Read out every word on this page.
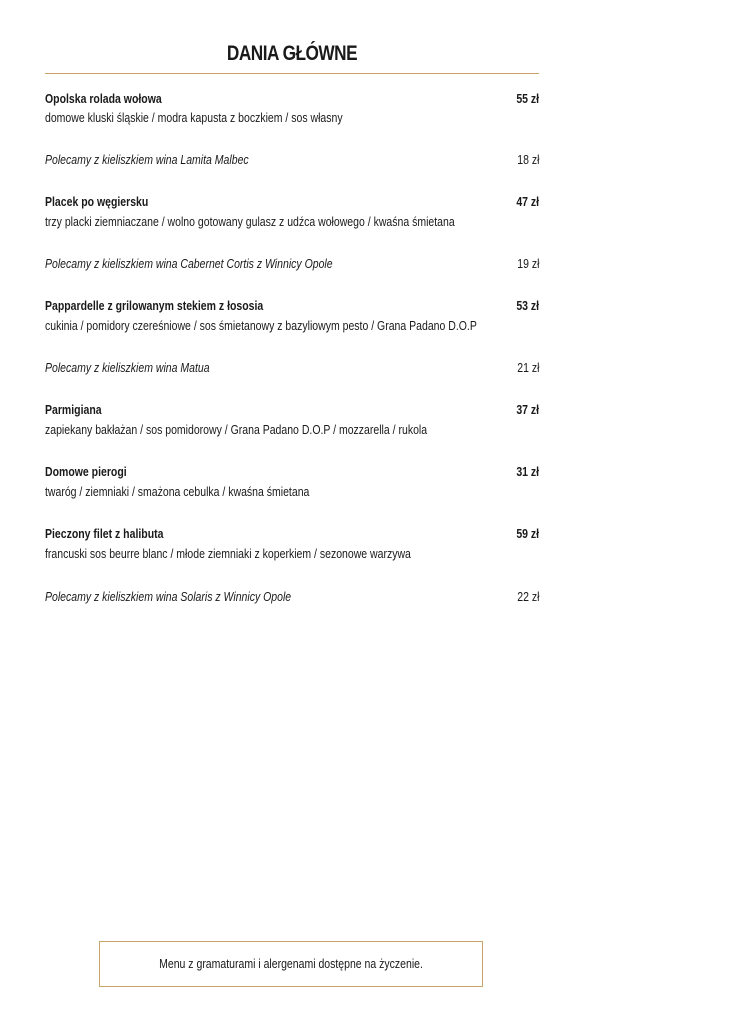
DANIA GŁÓWNE
Opolska rolada wołowa	55 zł
domowe kluski śląskie / modra kapusta z boczkiem / sos własny
Polecamy z kieliszkiem wina Lamita Malbec	18 zł
Placek po węgiersku	47 zł
trzy placki ziemniaczane / wolno gotowany gulasz z udźca wołowego / kwaśna śmietana
Polecamy z kieliszkiem wina Cabernet Cortis z Winnicy Opole	19 zł
Pappardelle z grilowanym stekiem z łososia	53 zł
cukinia / pomidory czereśniowe / sos śmietanowy z bazyliowym pesto / Grana Padano D.O.P
Polecamy z kieliszkiem wina Matua	21 zł
Parmigiana	37 zł
zapiekany bakłażan / sos pomidorowy / Grana Padano D.O.P / mozzarella / rukola
Domowe pierogi	31 zł
twaróg / ziemniaki / smażona cebulka / kwaśna śmietana
Pieczony filet z halibuta	59 zł
francuski sos beurre blanc / młode ziemniaki z koperkiem / sezonowe warzywa
Polecamy z kieliszkiem wina Solaris z Winnicy Opole	22 zł
Menu z gramaturami i alergenami dostępne na życzenie.
